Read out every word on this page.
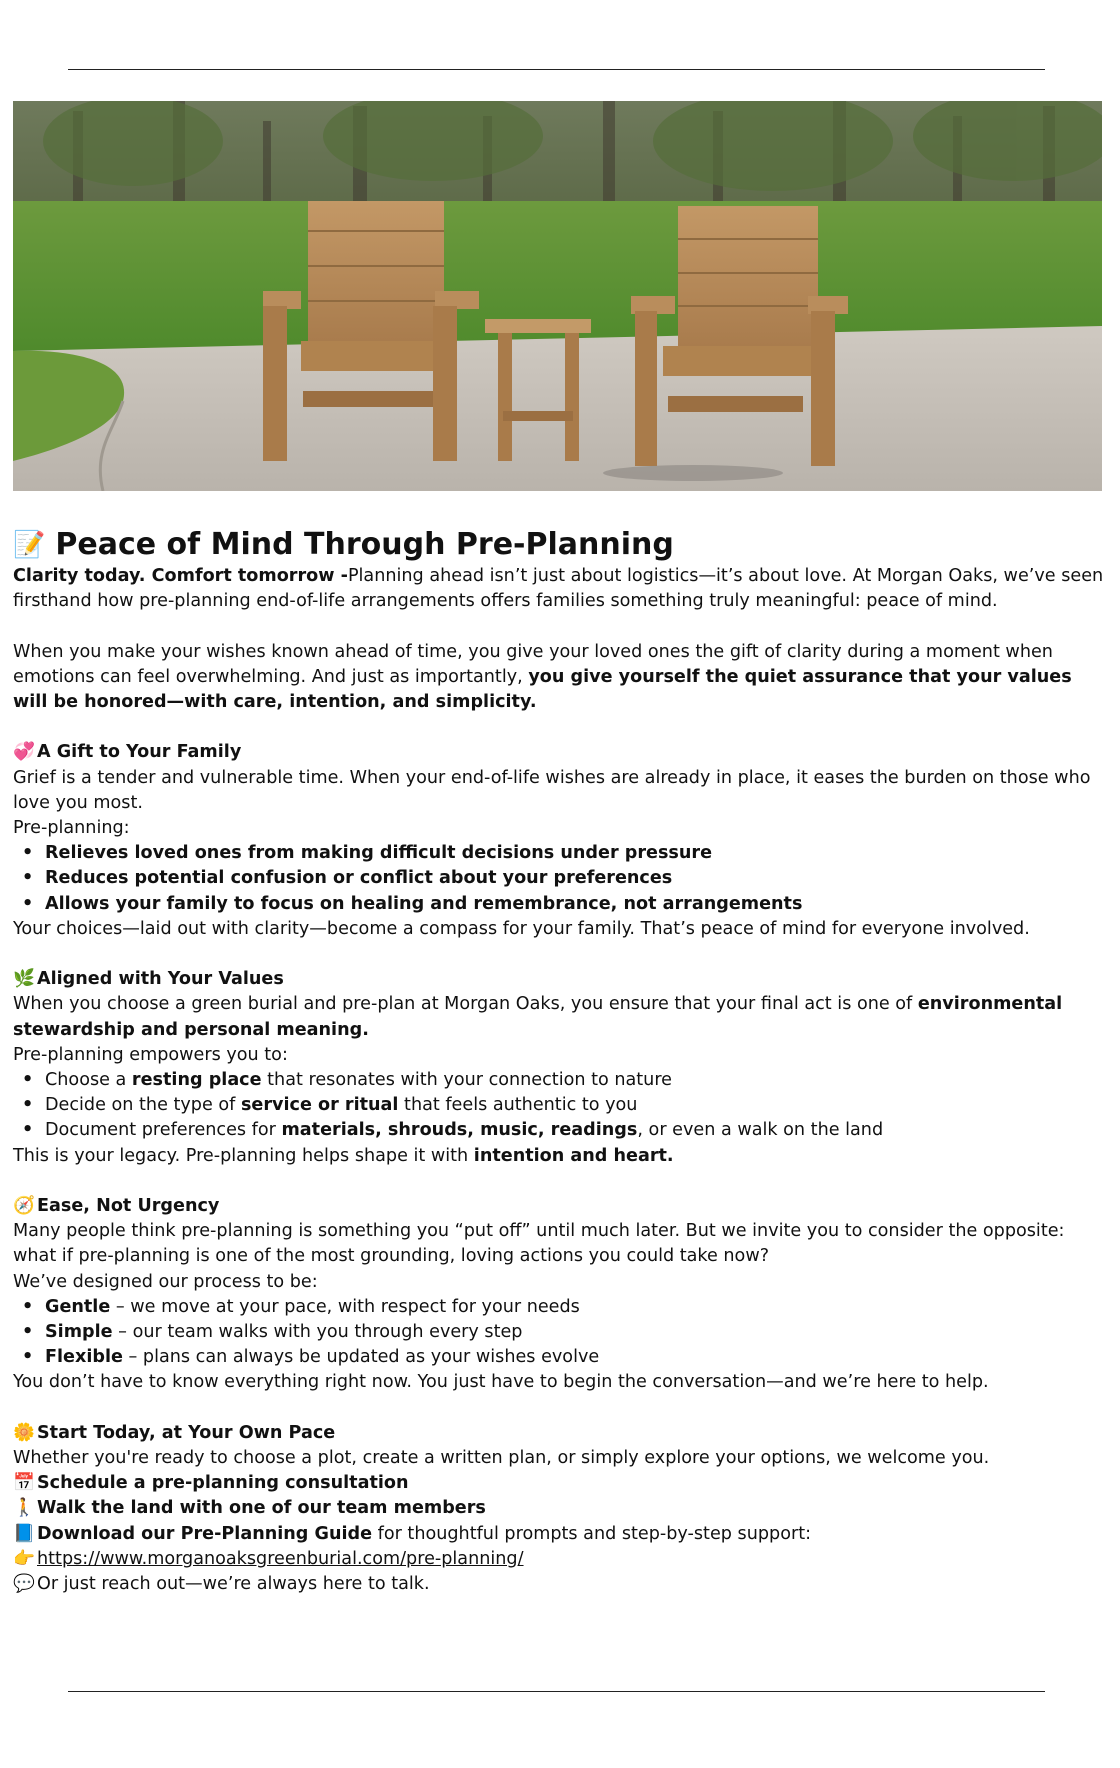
📝 Peace of Mind Through Pre-Planning

Clarity today. Comfort tomorrow -Planning ahead isn’t just about logistics—it’s about love. At Morgan Oaks, we’ve seen firsthand how pre-planning end-of-life arrangements offers families something truly meaningful: peace of mind.

When you make your wishes known ahead of time, you give your loved ones the gift of clarity during a moment when emotions can feel overwhelming. And just as importantly, you give yourself the quiet assurance that your values will be honored—with care, intention, and simplicity.

💞 A Gift to Your Family

Grief is a tender and vulnerable time. When your end-of-life wishes are already in place, it eases the burden on those who love you most.

Pre-planning:

• Relieves loved ones from making difficult decisions under pressure
• Reduces potential confusion or conflict about your preferences
• Allows your family to focus on healing and remembrance, not arrangements

Your choices—laid out with clarity—become a compass for your family. That’s peace of mind for everyone involved.

🌿 Aligned with Your Values

When you choose a green burial and pre-plan at Morgan Oaks, you ensure that your final act is one of environmental stewardship and personal meaning.

Pre-planning empowers you to:

• Choose a resting place that resonates with your connection to nature
• Decide on the type of service or ritual that feels authentic to you
• Document preferences for materials, shrouds, music, readings, or even a walk on the land

This is your legacy. Pre-planning helps shape it with intention and heart.

🧭 Ease, Not Urgency

Many people think pre-planning is something you “put off” until much later. But we invite you to consider the opposite: what if pre-planning is one of the most grounding, loving actions you could take now?

We’ve designed our process to be:

• Gentle – we move at your pace, with respect for your needs
• Simple – our team walks with you through every step
• Flexible – plans can always be updated as your wishes evolve

You don’t have to know everything right now. You just have to begin the conversation—and we’re here to help.

🌼 Start Today, at Your Own Pace

Whether you're ready to choose a plot, create a written plan, or simply explore your options, we welcome you.

📅 Schedule a pre-planning consultation

🚶 Walk the land with one of our team members

📘 Download our Pre-Planning Guide for thoughtful prompts and step-by-step support:

👉 https://www.morganoaksgreenburial.com/pre-planning/

💬 Or just reach out—we’re always here to talk.
